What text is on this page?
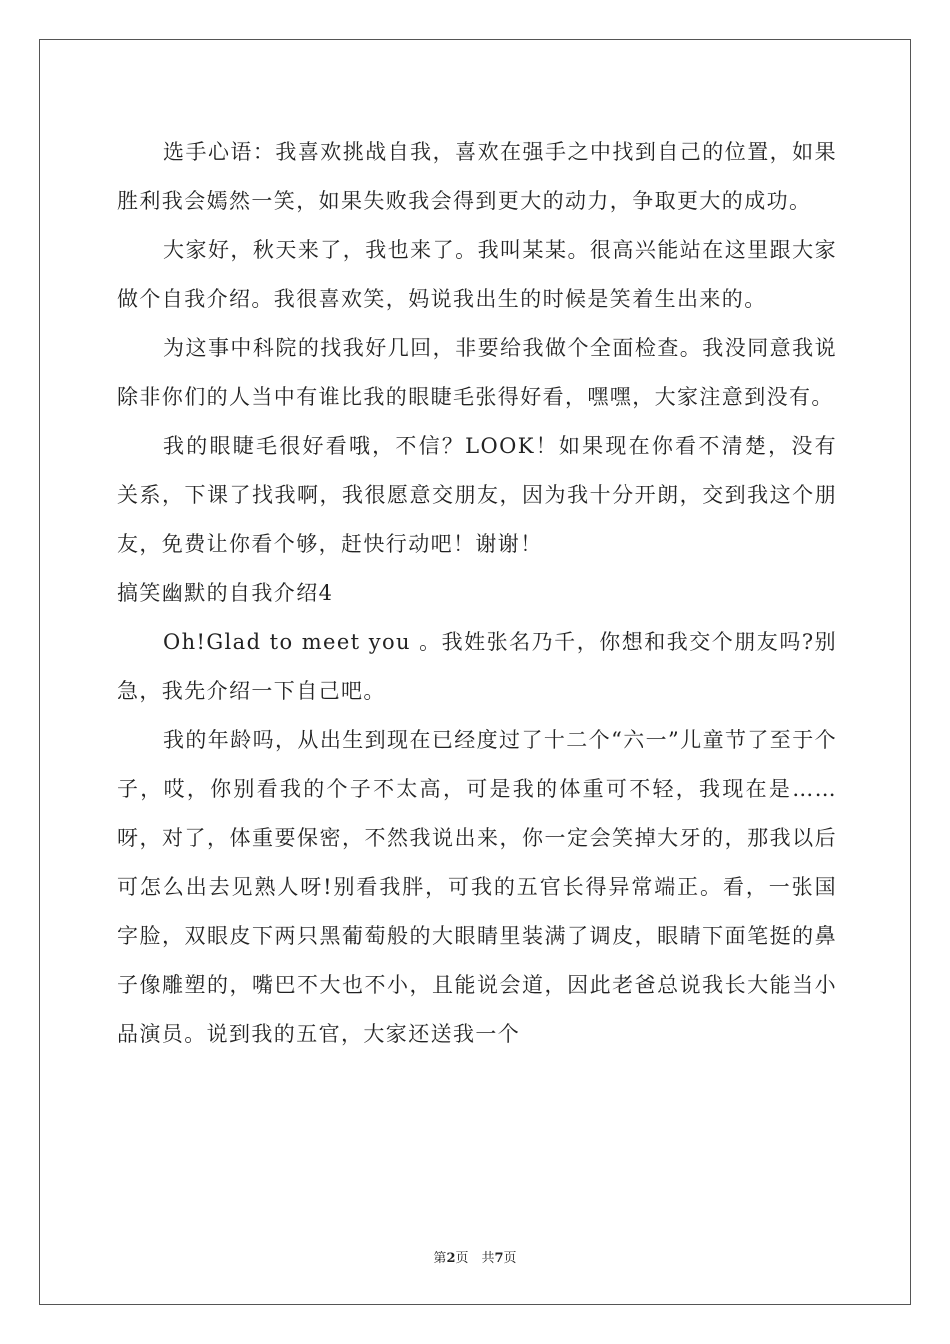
选手心语：我喜欢挑战自我，喜欢在强手之中找到自己的位置，如果胜利我会嫣然一笑，如果失败我会得到更大的动力，争取更大的成功。

大家好，秋天来了，我也来了。我叫某某。很高兴能站在这里跟大家做个自我介绍。我很喜欢笑，妈说我出生的时候是笑着生出来的。

为这事中科院的找我好几回，非要给我做个全面检查。我没同意我说除非你们的人当中有谁比我的眼睫毛张得好看，嘿嘿，大家注意到没有。

我的眼睫毛很好看哦，不信？LOOK！如果现在你看不清楚，没有关系，下课了找我啊，我很愿意交朋友，因为我十分开朗，交到我这个朋友，免费让你看个够，赶快行动吧！谢谢！

搞笑幽默的自我介绍4

Oh!Glad to meet you 。我姓张名乃千，你想和我交个朋友吗?别急，我先介绍一下自己吧。

我的年龄吗，从出生到现在已经度过了十二个“六一”儿童节了至于个子，哎，你别看我的个子不太高，可是我的体重可不轻，我现在是……呀，对了，体重要保密，不然我说出来，你一定会笑掉大牙的，那我以后可怎么出去见熟人呀!别看我胖，可我的五官长得异常端正。看，一张国字脸，双眼皮下两只黑葡萄般的大眼睛里装满了调皮，眼睛下面笔挺的鼻子像雕塑的，嘴巴不大也不小，且能说会道，因此老爸总说我长大能当小品演员。说到我的五官，大家还送我一个

第2页　共7页
